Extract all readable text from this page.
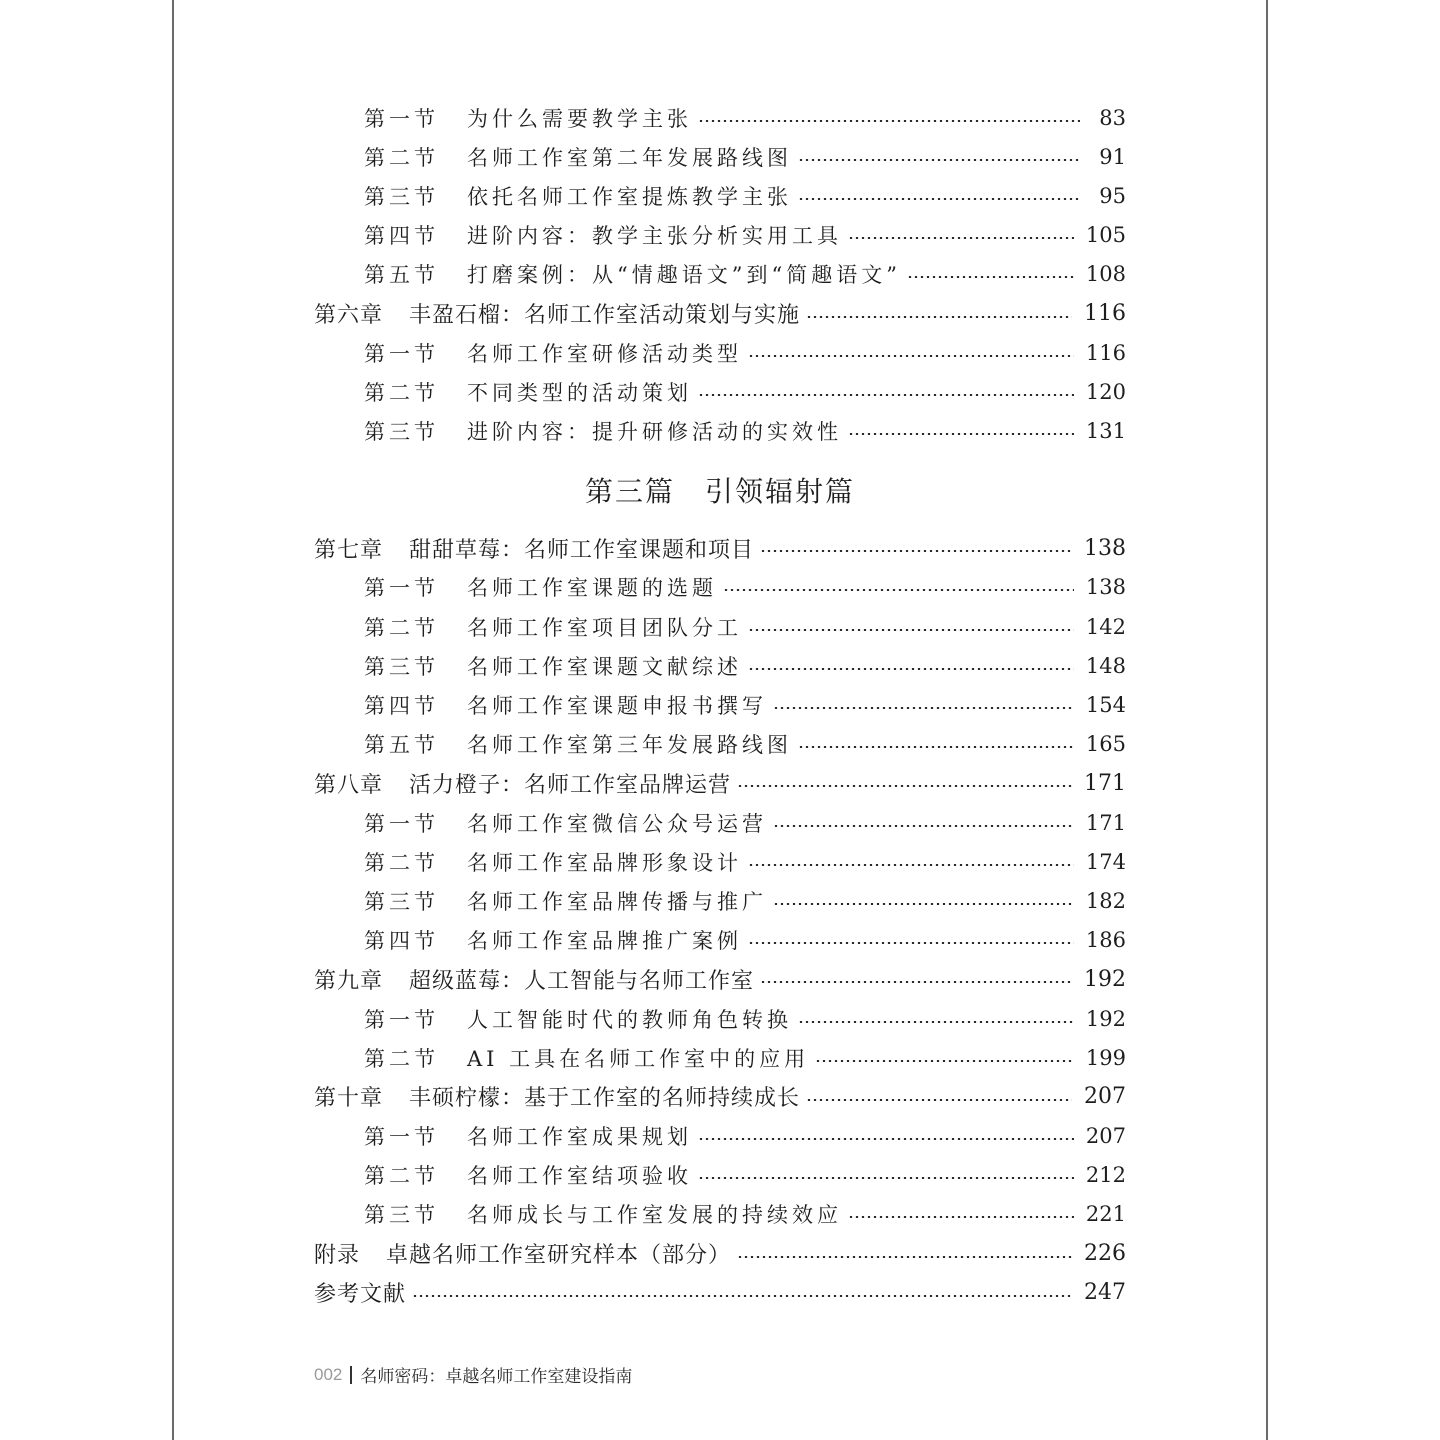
第一节 为什么需要教学主张	83
第二节 名师工作室第二年发展路线图	91
第三节 依托名师工作室提炼教学主张	95
第四节 进阶内容：教学主张分析实用工具	105
第五节 打磨案例：从“情趣语文”到“简趣语文”	108
第六章 丰盈石榴：名师工作室活动策划与实施	116
第一节 名师工作室研修活动类型	116
第二节 不同类型的活动策划	120
第三节 进阶内容：提升研修活动的实效性	131
第三篇 引领辐射篇
第七章 甜甜草莓：名师工作室课题和项目	138
第一节 名师工作室课题的选题	138
第二节 名师工作室项目团队分工	142
第三节 名师工作室课题文献综述	148
第四节 名师工作室课题申报书撰写	154
第五节 名师工作室第三年发展路线图	165
第八章 活力橙子：名师工作室品牌运营	171
第一节 名师工作室微信公众号运营	171
第二节 名师工作室品牌形象设计	174
第三节 名师工作室品牌传播与推广	182
第四节 名师工作室品牌推广案例	186
第九章 超级蓝莓：人工智能与名师工作室	192
第一节 人工智能时代的教师角色转换	192
第二节 AI 工具在名师工作室中的应用	199
第十章 丰硕柠檬：基于工作室的名师持续成长	207
第一节 名师工作室成果规划	207
第二节 名师工作室结项验收	212
第三节 名师成长与工作室发展的持续效应	221
附录 卓越名师工作室研究样本（部分）	226
参考文献	247
002 名师密码：卓越名师工作室建设指南
